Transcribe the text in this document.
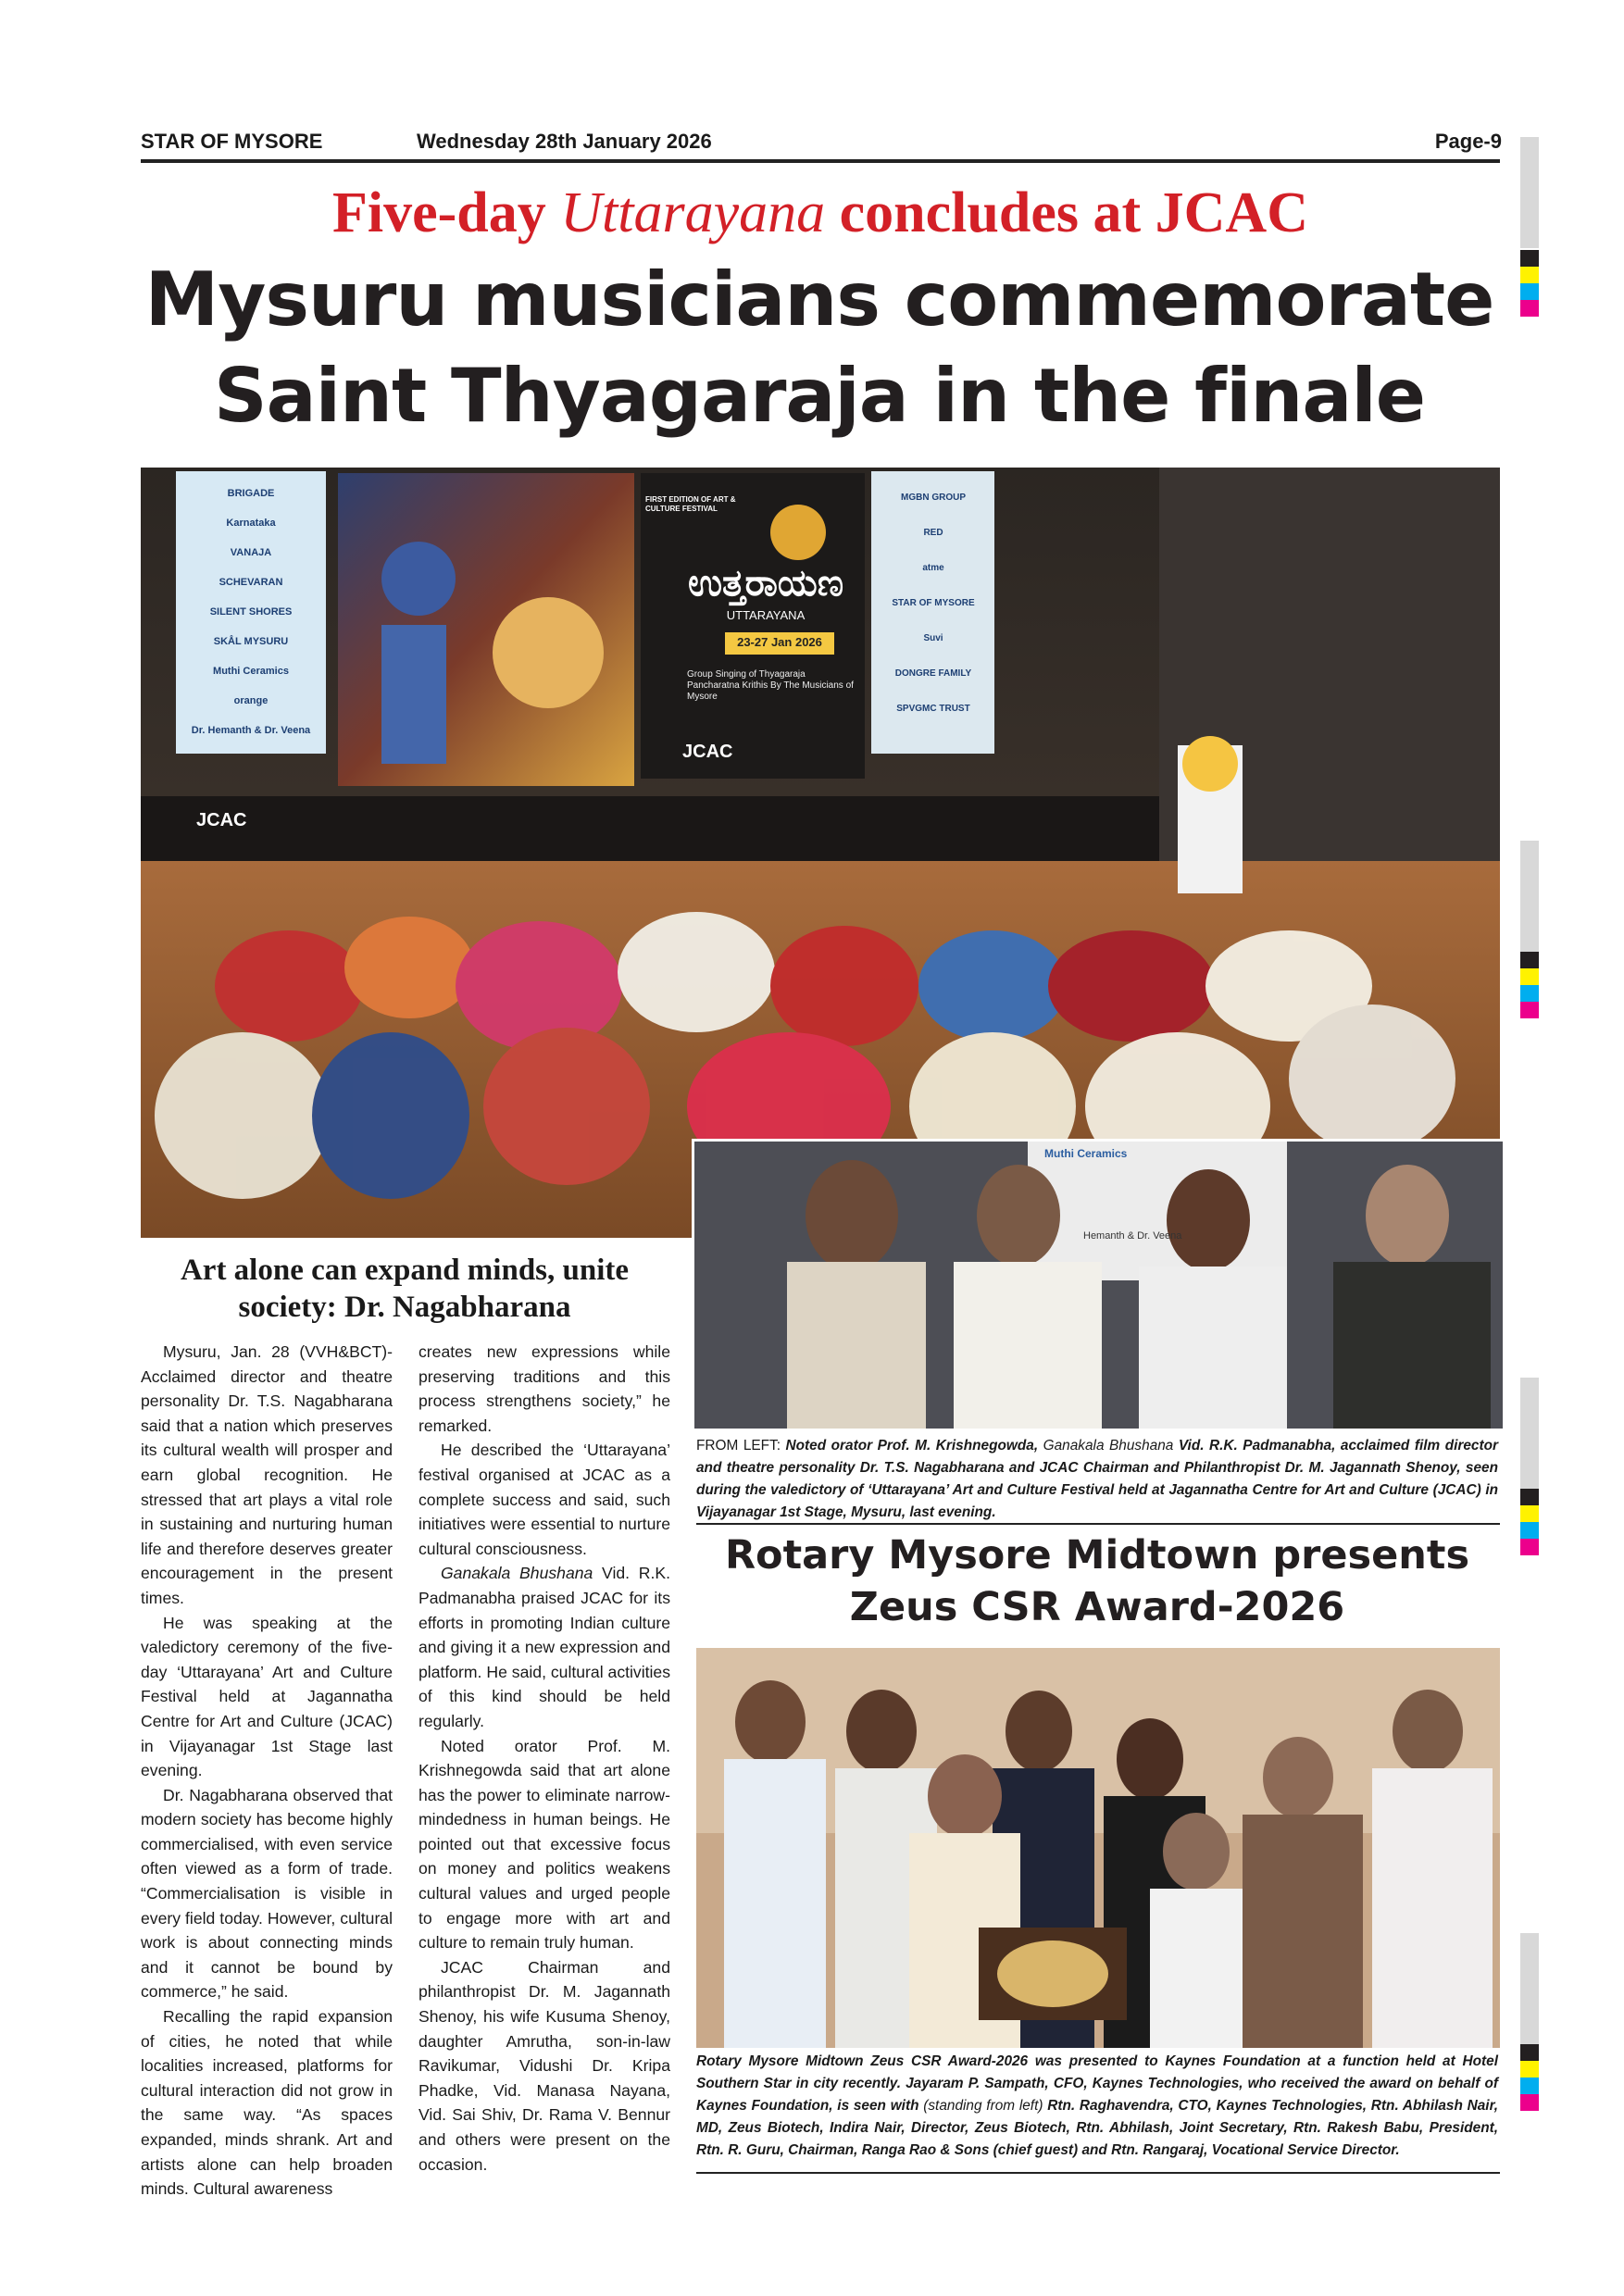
STAR OF MYSORE	Wednesday 28th January 2026	Page-9
Five-day Uttarayana concludes at JCAC
Mysuru musicians commemorate
Saint Thyagaraja in the finale
ಉತ್ತರಾಯಣ
UTTARAYANA
FIRST EDITION OF ART & CULTURE FESTIVAL
23-27 Jan 2026
Group Singing of Thyagaraja Pancharatna Krithis By The Musicians of Mysore
JCAC
BRIGADE
Karnataka
VANAJA
SCHEVARAN
SILENT SHORES
SKÅL MYSURU
Muthi Ceramics
orange
Dr. Hemanth & Dr. Veena
MGBN GROUP
RED
atme
STAR OF MYSORE
Suvi
DONGRE FAMILY
SPVGMC TRUST
JCAC
Muthi Ceramics
Hemanth & Dr. Veena
Art alone can expand minds, unite society: Dr. Nagabharana

Mysuru, Jan. 28 (VVH&BCT)- Acclaimed director and theatre personality Dr. T.S. Nagabharana said that a nation which preserves its cultural wealth will prosper and earn global recognition. He stressed that art plays a vital role in sustaining and nurturing human life and therefore deserves greater encouragement in the present times.

He was speaking at the valedictory ceremony of the five-day ‘Uttarayana’ Art and Culture Festival held at Jagannatha Centre for Art and Culture (JCAC) in Vijayanagar 1st Stage last evening.

Dr. Nagabharana observed that modern society has become highly commercialised, with even service often viewed as a form of trade. “Commercialisation is visible in every field today. However, cultural work is about connecting minds and it cannot be bound by commerce,” he said.

Recalling the rapid expansion of cities, he noted that while localities increased, platforms for cultural interaction did not grow in the same way. “As spaces expanded, minds shrank. Art and artists alone can help broaden minds. Cultural awareness

creates new expressions while preserving traditions and this process strengthens society,” he remarked.

He described the ‘Uttarayana’ festival organised at JCAC as a complete success and said, such initiatives were essential to nurture cultural consciousness.

Ganakala Bhushana Vid. R.K. Padmanabha praised JCAC for its efforts in promoting Indian culture and giving it a new expression and platform. He said, cultural activities of this kind should be held regularly.

Noted orator Prof. M. Krishnegowda said that art alone has the power to eliminate narrow-mindedness in human beings. He pointed out that excessive focus on money and politics weakens cultural values and urged people to engage more with art and culture to remain truly human.

JCAC Chairman and philanthropist Dr. M. Jagannath Shenoy, his wife Kusuma Shenoy, daughter Amrutha, son-in-law Ravikumar, Vidushi Dr. Kripa Phadke, Vid. Manasa Nayana, Vid. Sai Shiv, Dr. Rama V. Bennur and others were present on the occasion.

FROM LEFT: Noted orator Prof. M. Krishnegowda, Ganakala Bhushana Vid. R.K. Padmanabha, acclaimed film director and theatre personality Dr. T.S. Nagabharana and JCAC Chairman and Philanthropist Dr. M. Jagannath Shenoy, seen during the valedictory of ‘Uttarayana’ Art and Culture Festival held at Jagannatha Centre for Art and Culture (JCAC) in Vijayanagar 1st Stage, Mysuru, last evening.
Rotary Mysore Midtown presents
Zeus CSR Award-2026
Rotary Mysore Midtown Zeus CSR Award-2026 was presented to Kaynes Foundation at a function held at Hotel Southern Star in city recently. Jayaram P. Sampath, CFO, Kaynes Technologies, who received the award on behalf of Kaynes Foundation, is seen with (standing from left) Rtn. Raghavendra, CTO, Kaynes Technologies, Rtn. Abhilash Nair, MD, Zeus Biotech, Indira Nair, Director, Zeus Biotech, Rtn. Abhilash, Joint Secretary, Rtn. Rakesh Babu, President, Rtn. R. Guru, Chairman, Ranga Rao & Sons (chief guest) and Rtn. Rangaraj, Vocational Service Director.
